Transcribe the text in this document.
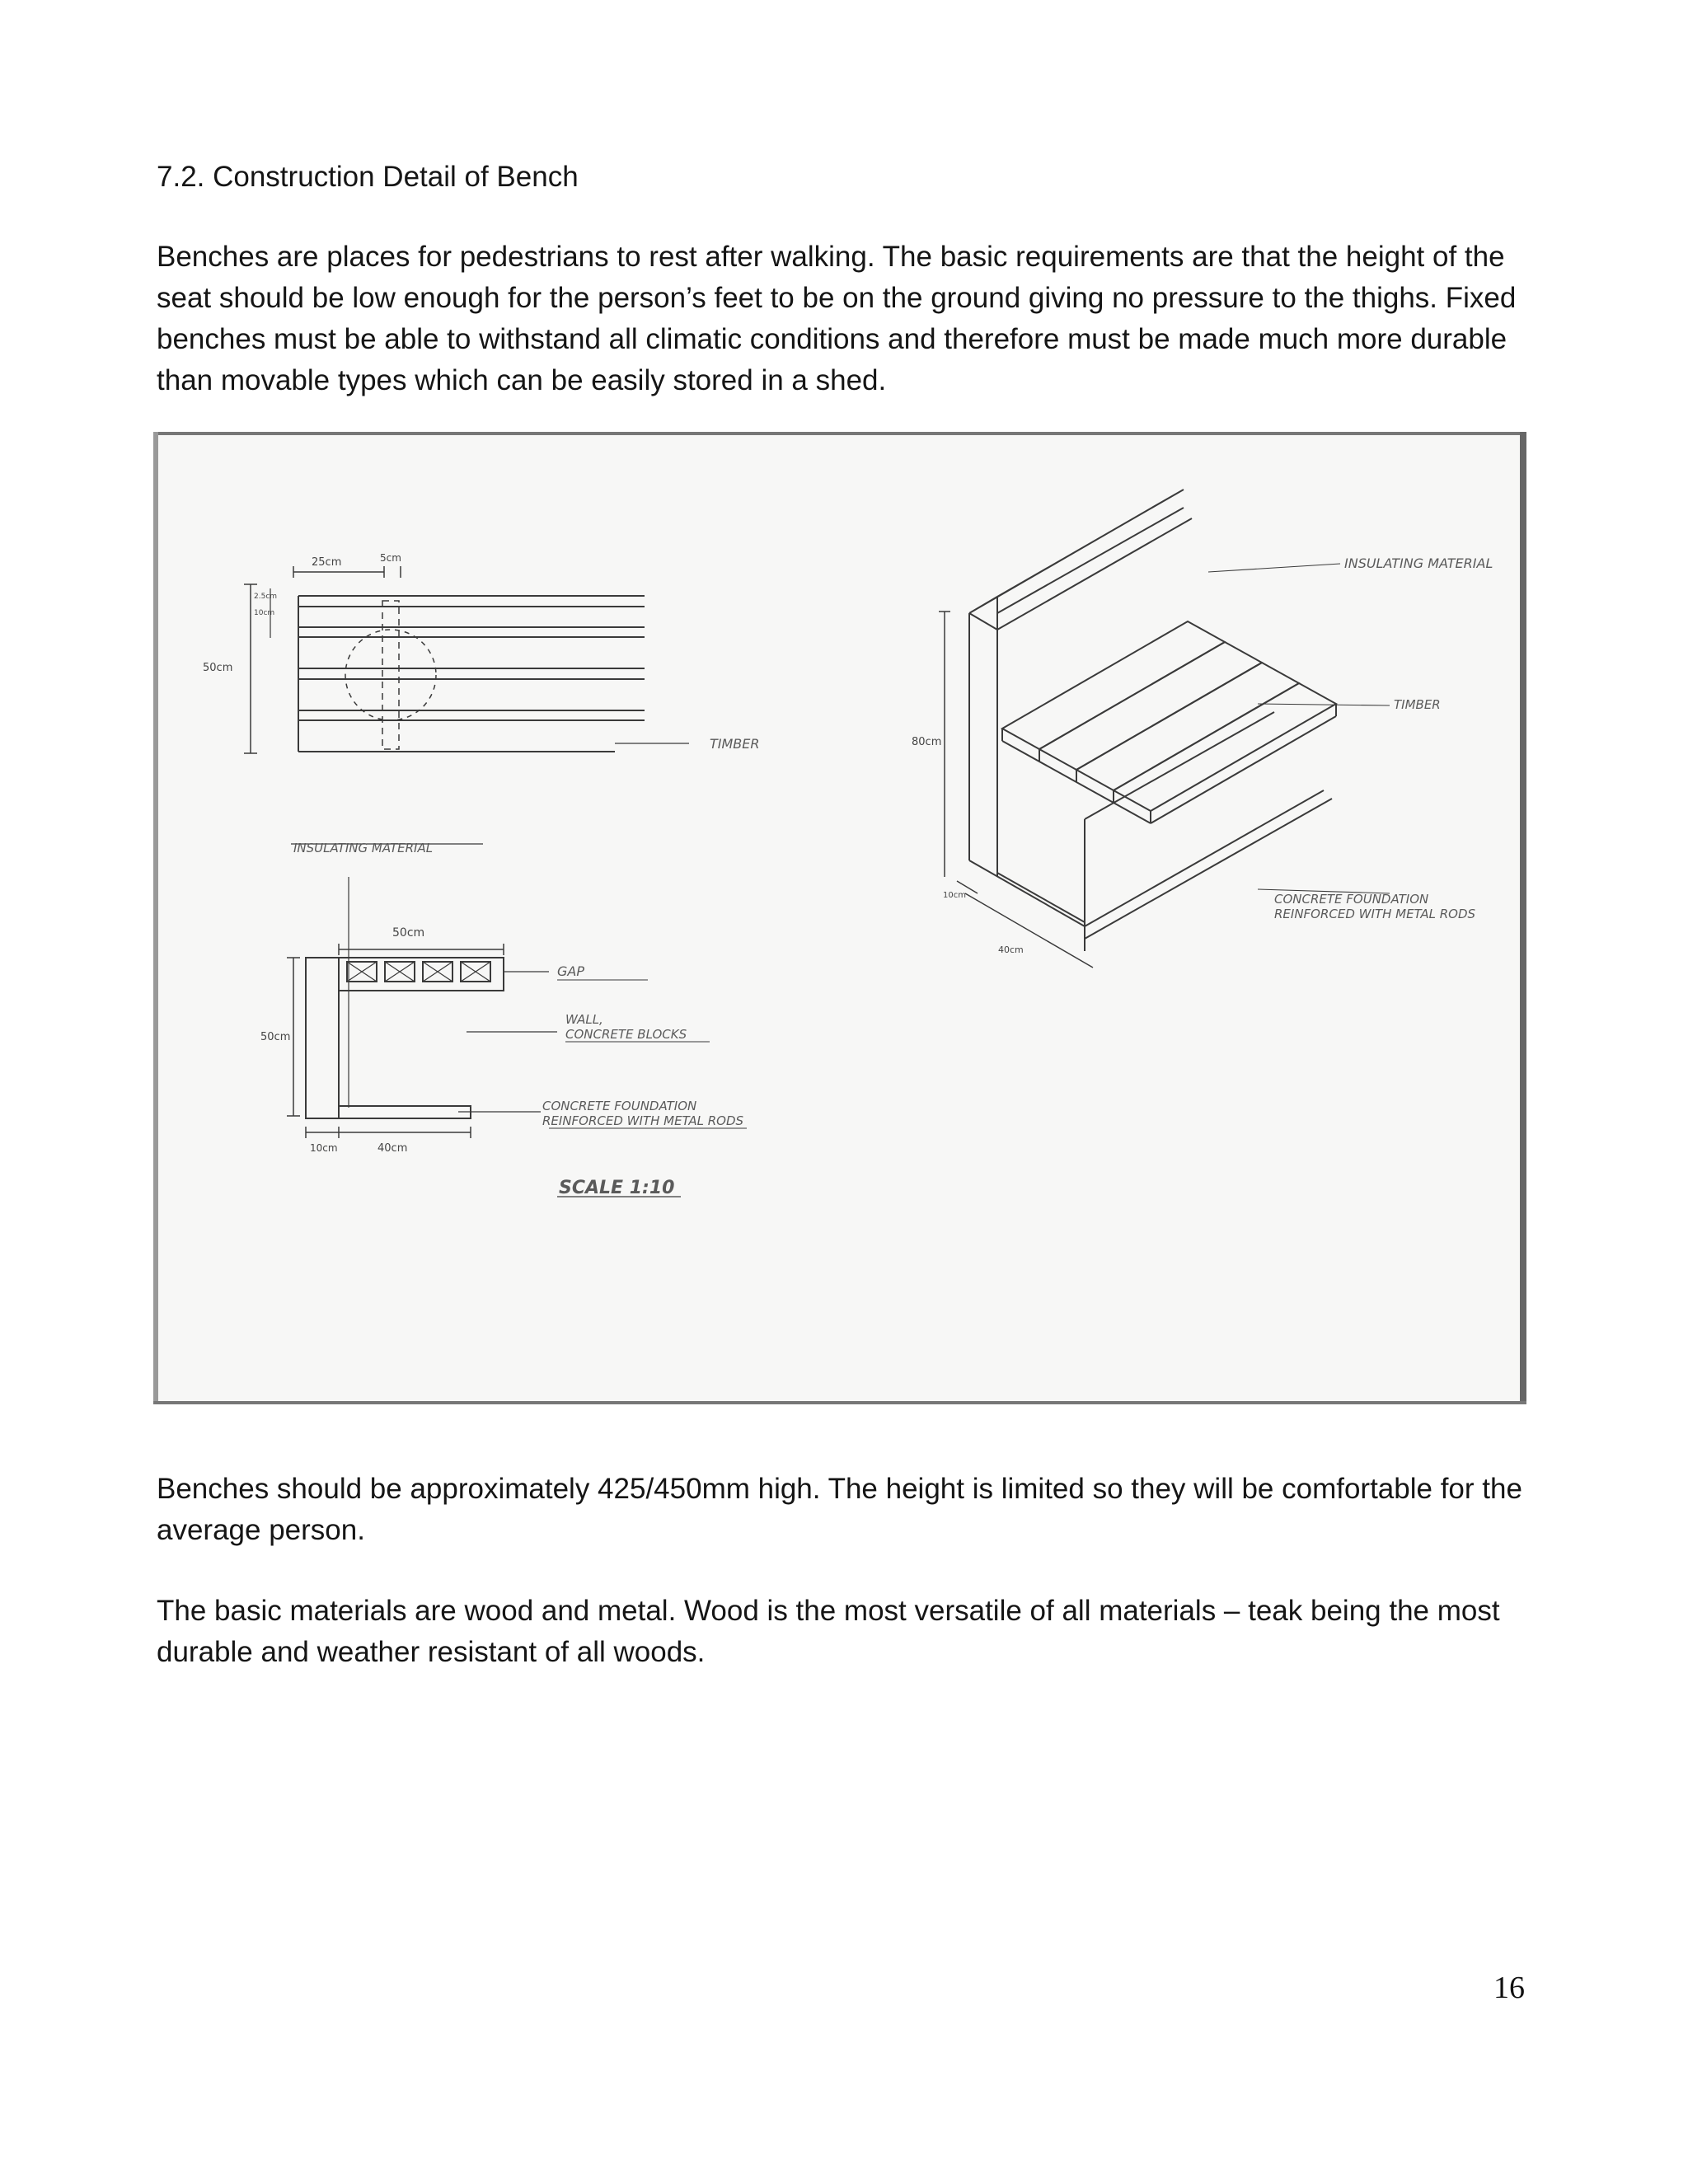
7.2. Construction Detail of Bench
Benches are places for pedestrians to rest after walking. The basic requirements are that the height of the seat should be low enough for the person’s feet to be on the ground giving no pressure to the thighs. Fixed benches must be able to withstand all climatic conditions and therefore must be made much more durable than movable types which can be easily stored in a shed.
25cm	5cm
2.5cm
10cm
50cm
TIMBER
INSULATING MATERIAL
50cm
50cm
GAP
WALL,
CONCRETE BLOCKS
CONCRETE FOUNDATION
REINFORCED WITH METAL RODS
10cm	40cm
SCALE 1:10
INSULATING MATERIAL
TIMBER
80cm
10cm
40cm
CONCRETE FOUNDATION
REINFORCED WITH METAL RODS
Benches should be approximately 425/450mm high. The height is limited so they will be comfortable for the average person.
The basic materials are wood and metal. Wood is the most versatile of all materials – teak being the most durable and weather resistant of all woods.
16
